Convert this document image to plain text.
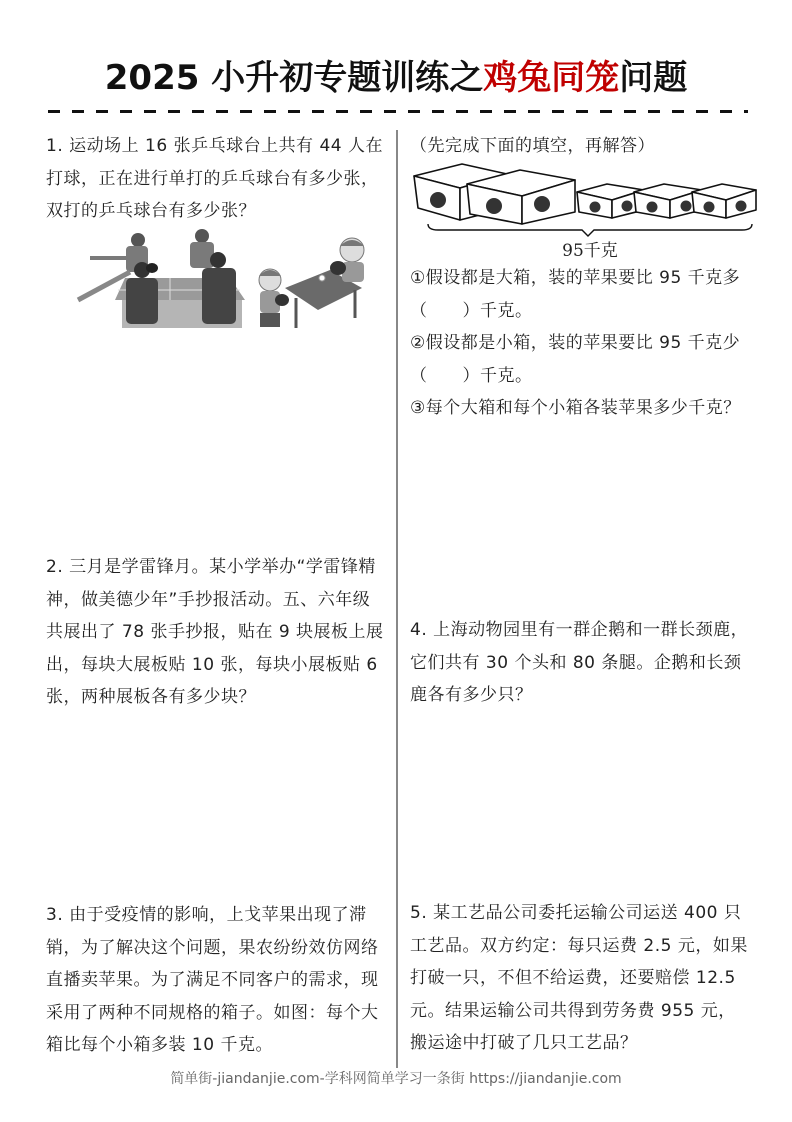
2025 小升初专题训练之鸡兔同笼问题

1. 运动场上 16 张乒乓球台上共有 44 人在打球，正在进行单打的乒乓球台有多少张，双打的乒乓球台有多少张？

2. 三月是学雷锋月。某小学举办“学雷锋精神，做美德少年”手抄报活动。五、六年级共展出了 78 张手抄报，贴在 9 块展板上展出，每块大展板贴 10 张，每块小展板贴 6 张，两种展板各有多少块？

3. 由于受疫情的影响，上戈苹果出现了滞销，为了解决这个问题，果农纷纷效仿网络直播卖苹果。为了满足不同客户的需求，现采用了两种不同规格的箱子。如图：每个大箱比每个小箱多装 10 千克。

（先完成下面的填空，再解答）

95千克

①假设都是大箱，装的苹果要比 95 千克多（　　）千克。

②假设都是小箱，装的苹果要比 95 千克少（　　）千克。

③每个大箱和每个小箱各装苹果多少千克？

4. 上海动物园里有一群企鹅和一群长颈鹿，它们共有 30 个头和 80 条腿。企鹅和长颈鹿各有多少只？

5. 某工艺品公司委托运输公司运送 400 只工艺品。双方约定：每只运费 2.5 元，如果打破一只，不但不给运费，还要赔偿 12.5 元。结果运输公司共得到劳务费 955 元，搬运途中打破了几只工艺品？

简单街-jiandanjie.com-学科网简单学习一条街 https://jiandanjie.com
